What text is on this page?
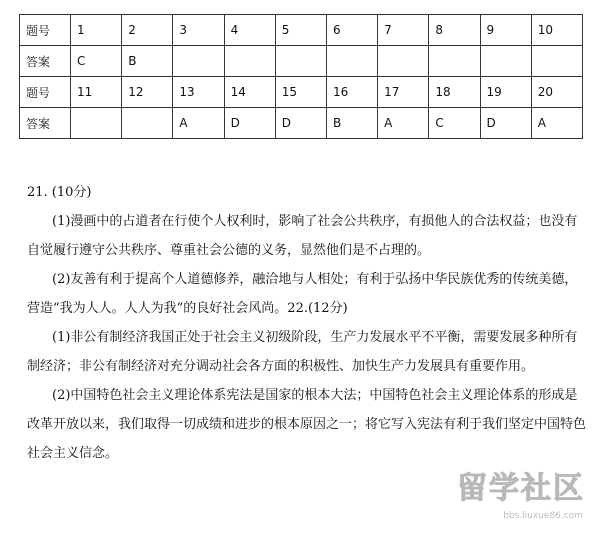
题号	1	2	3	4	5	6	7	8	9	10
答案	C	B								
题号	11	12	13	14	15	16	17	18	19	20
答案			A	D	D	B	A	C	D	A

21. (10分)

(1)漫画中的占道者在行使个人权利时，影响了社会公共秩序，有损他人的合法权益；也没有自觉履行遵守公共秩序、尊重社会公德的义务，显然他们是不占理的。

(2)友善有利于提高个人道德修养，融洽地与人相处；有利于弘扬中华民族优秀的传统美德，营造“我为人人。人人为我”的良好社会风尚。22.(12分)

(1)非公有制经济我国正处于社会主义初级阶段，生产力发展水平不平衡，需要发展多种所有制经济；非公有制经济对充分调动社会各方面的积极性、加快生产力发展具有重要作用。

(2)中国特色社会主义理论体系宪法是国家的根本大法；中国特色社会主义理论体系的形成是改革开放以来，我们取得一切成绩和进步的根本原因之一；将它写入宪法有利于我们坚定中国特色社会主义信念。

留学社区
bbs.liuxue86.com
